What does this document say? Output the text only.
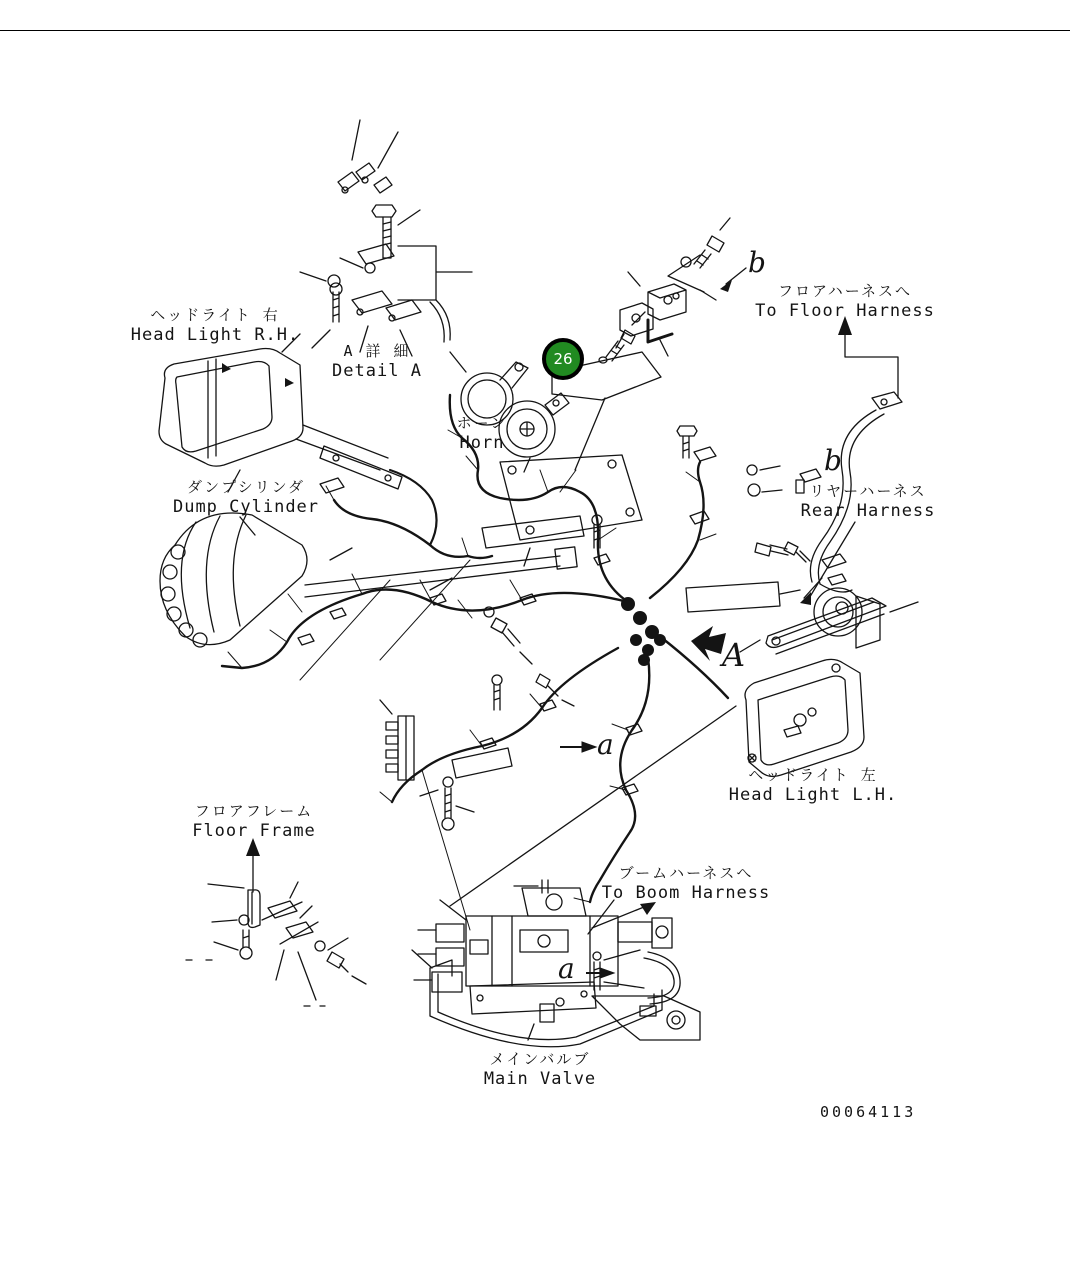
ヘッドライト 右
Head Light R.H.
A 詳 細
Detail A
ホーン
Horn
フロアハーネスへ
To Floor Harness
リヤーハーネス
Rear Harness
ダンプシリンダ
Dump Cylinder
ヘッドライト 左
Head Light L.H.
フロアフレーム
Floor Frame
ブームハーネスへ
To Boom Harness
メインバルブ
Main Valve
b
b
A
a
a
26
00064113
